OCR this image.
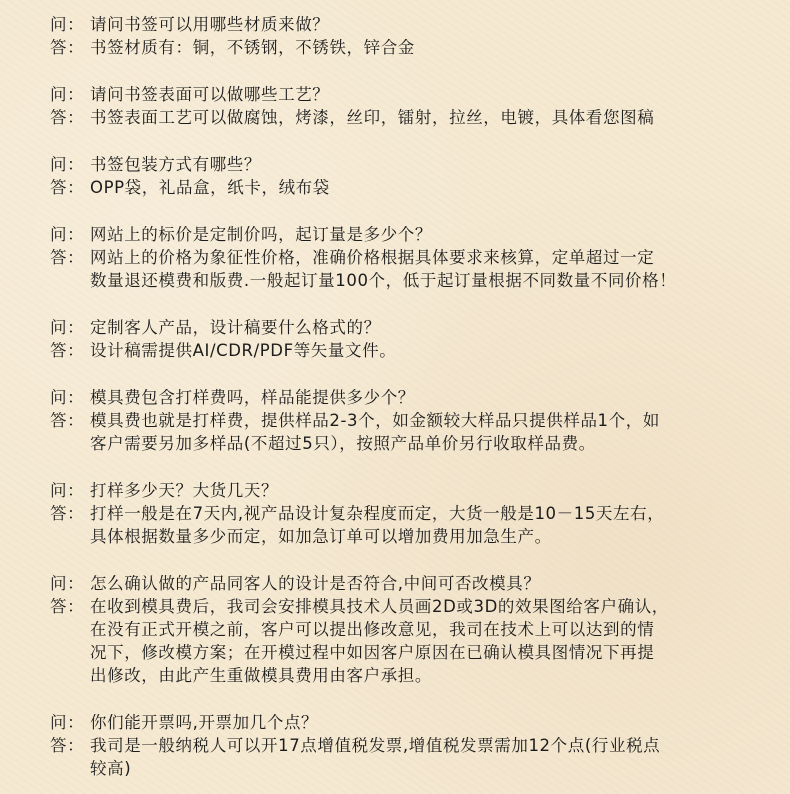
问： 请问书签可以用哪些材质来做？
答： 书签材质有：铜，不锈钢，不锈铁，锌合金
问： 请问书签表面可以做哪些工艺？
答： 书签表面工艺可以做腐蚀，烤漆，丝印，镭射，拉丝，电镀，具体看您图稿
问： 书签包装方式有哪些？
答： OPP袋，礼品盒，纸卡，绒布袋
问： 网站上的标价是定制价吗，起订量是多少个？
答： 网站上的价格为象征性价格，准确价格根据具体要求来核算，定单超过一定
数量退还模费和版费.一般起订量100个，低于起订量根据不同数量不同价格！
问： 定制客人产品，设计稿要什么格式的？
答： 设计稿需提供AI/CDR/PDF等矢量文件。
问： 模具费包含打样费吗，样品能提供多少个？
答： 模具费也就是打样费，提供样品2-3个，如金额较大样品只提供样品1个，如
客户需要另加多样品(不超过5只），按照产品单价另行收取样品费。
问： 打样多少天？大货几天？
答： 打样一般是在7天内,视产品设计复杂程度而定，大货一般是10－15天左右，
具体根据数量多少而定，如加急订单可以增加费用加急生产。
问： 怎么确认做的产品同客人的设计是否符合,中间可否改模具？
答： 在收到模具费后，我司会安排模具技术人员画2D或3D的效果图给客户确认，
在没有正式开模之前，客户可以提出修改意见，我司在技术上可以达到的情
况下，修改模方案；在开模过程中如因客户原因在已确认模具图情况下再提
出修改，由此产生重做模具费用由客户承担。
问： 你们能开票吗,开票加几个点？
答： 我司是一般纳税人可以开17点增值税发票,增值税发票需加12个点(行业税点
较高)
